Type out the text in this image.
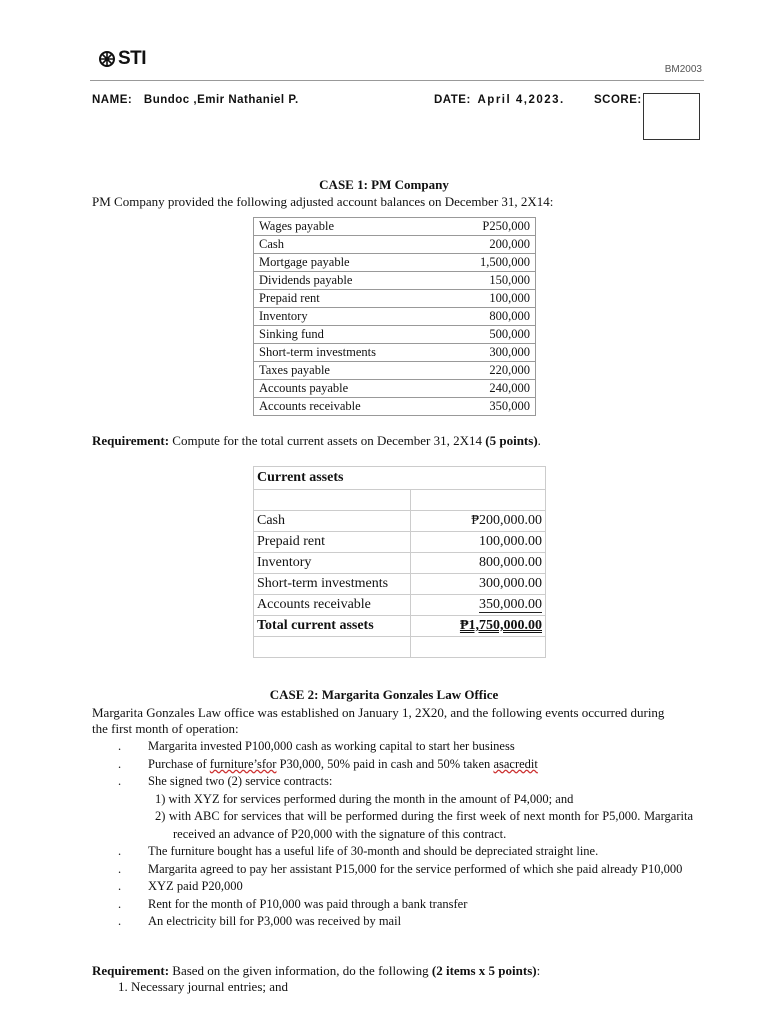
STI
BM2003
NAME: Bundoc ,Emir Nathaniel P.	DATE: April 4,2023.	SCORE:
CASE 1: PM Company

PM Company provided the following adjusted account balances on December 31, 2X14:

Wages payable	P250,000
Cash	200,000
Mortgage payable	1,500,000
Dividends payable	150,000
Prepaid rent	100,000
Inventory	800,000
Sinking fund	500,000
Short-term investments	300,000
Taxes payable	220,000
Accounts payable	240,000
Accounts receivable	350,000

Requirement: Compute for the total current assets on December 31, 2X14 (5 points).

Current assets	

Cash	₱200,000.00
Prepaid rent	100,000.00
Inventory	800,000.00
Short-term investments	300,000.00
Accounts receivable	350,000.00
Total current assets	₱1,750,000.00

CASE 2: Margarita Gonzales Law Office

Margarita Gonzales Law office was established on January 1, 2X20, and the following events occurred during

the first month of operation:

. Margarita invested P100,000 cash as working capital to start her business
. Purchase of furniture’sfor P30,000, 50% paid in cash and 50% taken asacredit
. She signed two (2) service contracts:
1) with XYZ for services performed during the month in the amount of P4,000; and
2) with ABC for services that will be performed during the first week of next month for P5,000. Margarita received an advance of P20,000 with the signature of this contract.
. The furniture bought has a useful life of 30-month and should be depreciated straight line.
. Margarita agreed to pay her assistant P15,000 for the service performed of which she paid already P10,000
. XYZ paid P20,000
. Rent for the month of P10,000 was paid through a bank transfer
. An electricity bill for P3,000 was received by mail

Requirement: Based on the given information, do the following (2 items x 5 points):

1. Necessary journal entries; and
